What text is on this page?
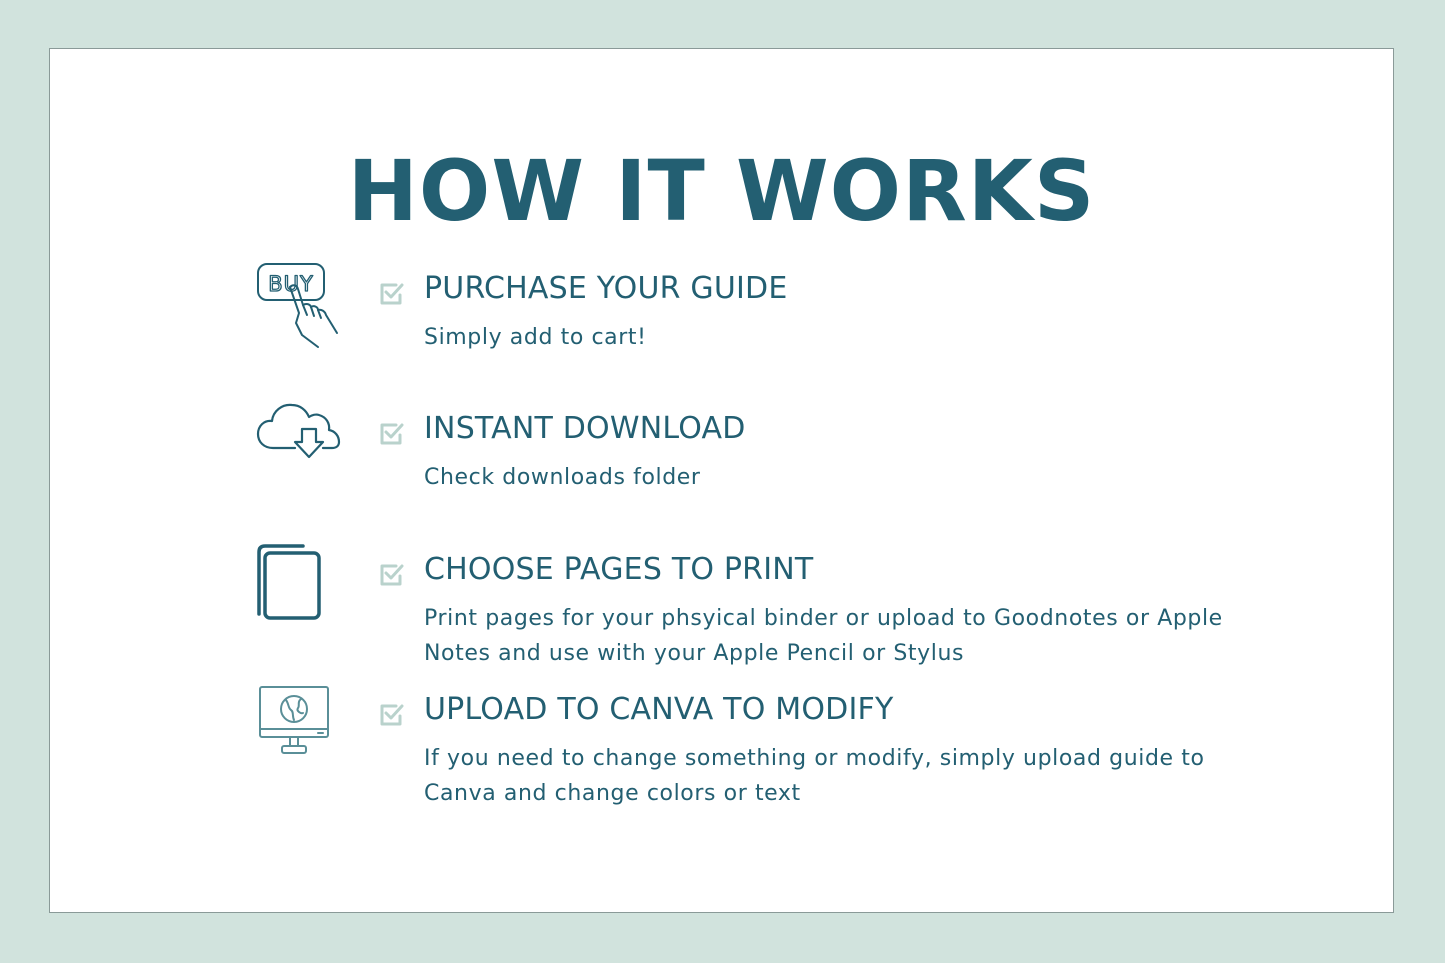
HOW IT WORKS
BUY	PURCHASE YOUR GUIDE

Simply add to cart!

INSTANT DOWNLOAD

Check downloads folder

CHOOSE PAGES TO PRINT

Print pages for your phsyical binder or upload to Goodnotes or Apple Notes and use with your Apple Pencil or Stylus

UPLOAD TO CANVA TO MODIFY

If you need to change something or modify, simply upload guide to Canva and change colors or text
